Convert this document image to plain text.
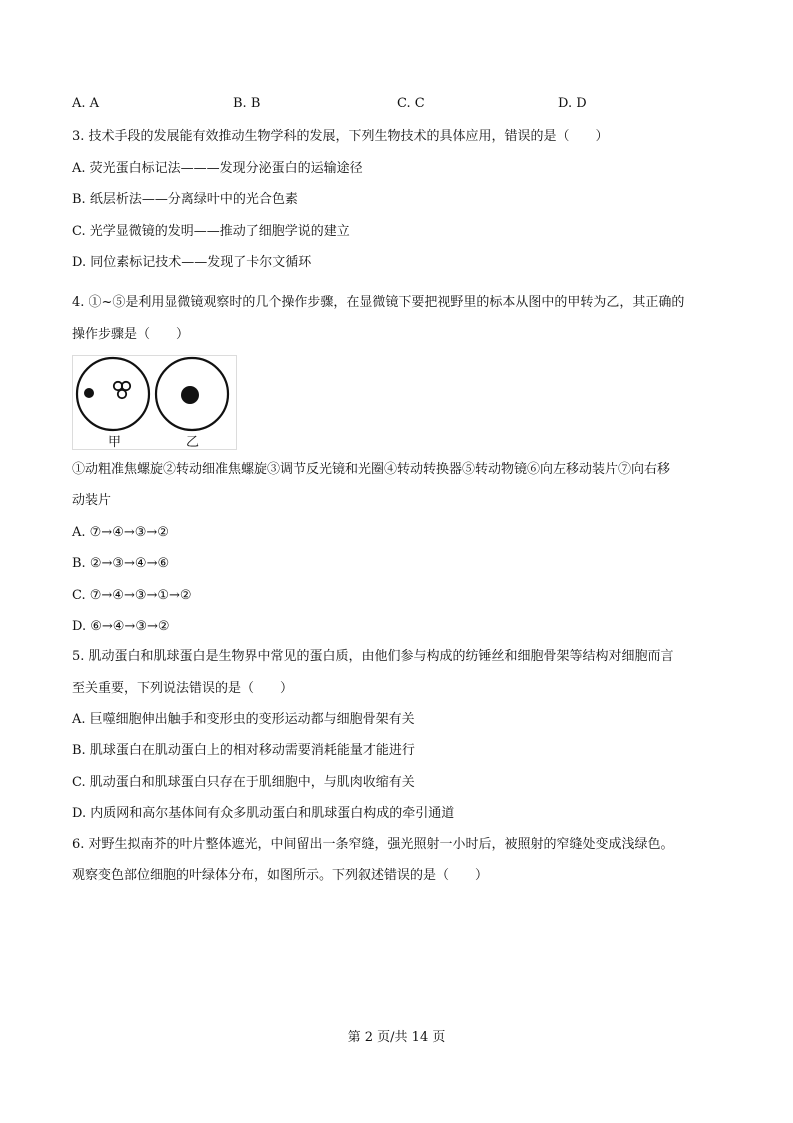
A. A	B. B	C. C	D. D
3. 技术手段的发展能有效推动生物学科的发展，下列生物技术的具体应用，错误的是（　　）
A. 荧光蛋白标记法———发现分泌蛋白的运输途径
B. 纸层析法——分离绿叶中的光合色素
C. 光学显微镜的发明——推动了细胞学说的建立
D. 同位素标记技术——发现了卡尔文循环
4. ①~⑤是利用显微镜观察时的几个操作步骤，在显微镜下要把视野里的标本从图中的甲转为乙，其正确的
操作步骤是（　　）
甲	乙
①动粗准焦螺旋②转动细准焦螺旋③调节反光镜和光圈④转动转换器⑤转动物镜⑥向左移动装片⑦向右移
动装片
A. ⑦→④→③→②
B. ②→③→④→⑥
C. ⑦→④→③→①→②
D. ⑥→④→③→②
5. 肌动蛋白和肌球蛋白是生物界中常见的蛋白质，由他们参与构成的纺锤丝和细胞骨架等结构对细胞而言
至关重要，下列说法错误的是（　　）
A. 巨噬细胞伸出触手和变形虫的变形运动都与细胞骨架有关
B. 肌球蛋白在肌动蛋白上的相对移动需要消耗能量才能进行
C. 肌动蛋白和肌球蛋白只存在于肌细胞中，与肌肉收缩有关
D. 内质网和高尔基体间有众多肌动蛋白和肌球蛋白构成的牵引通道
6. 对野生拟南芥的叶片整体遮光，中间留出一条窄缝，强光照射一小时后，被照射的窄缝处变成浅绿色。
观察变色部位细胞的叶绿体分布，如图所示。下列叙述错误的是（　　）
第 2 页/共 14 页
